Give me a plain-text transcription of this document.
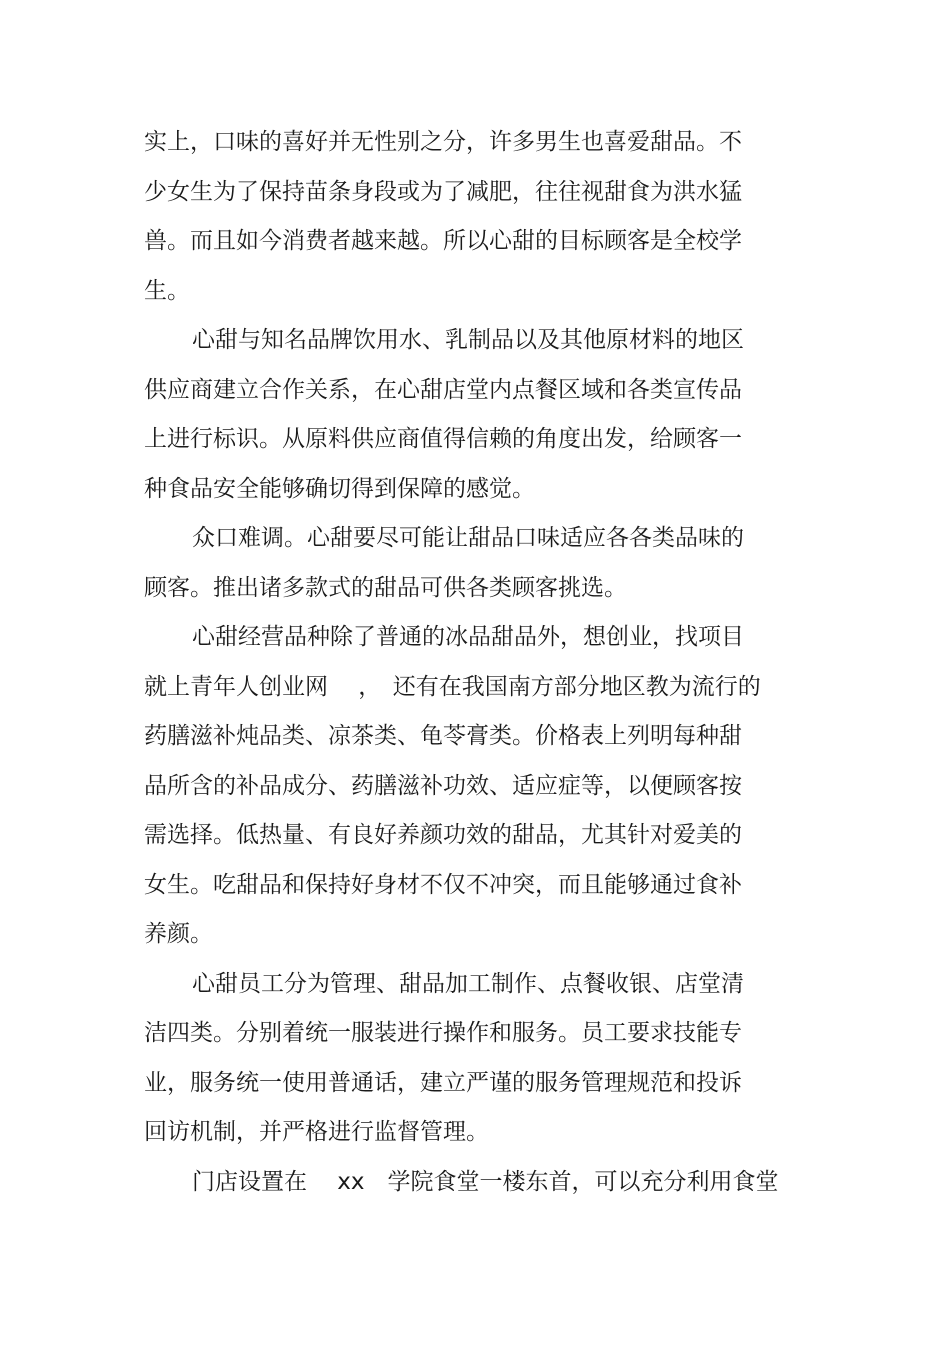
实上，口味的喜好并无性别之分，许多男生也喜爱甜品。不
少女生为了保持苗条身段或为了减肥，往往视甜食为洪水猛
兽。而且如今消费者越来越。所以心甜的目标顾客是全校学
生。
心甜与知名品牌饮用水、乳制品以及其他原材料的地区
供应商建立合作关系，在心甜店堂内点餐区域和各类宣传品
上进行标识。从原料供应商值得信赖的角度出发，给顾客一
种食品安全能够确切得到保障的感觉。
众口难调。心甜要尽可能让甜品口味适应各各类品味的
顾客。推出诸多款式的甜品可供各类顾客挑选。
心甜经营品种除了普通的冰品甜品外，想创业，找项目
就上青年人创业网　 ，　还有在我国南方部分地区教为流行的
药膳滋补炖品类、凉茶类、龟苓膏类。价格表上列明每种甜
品所含的补品成分、药膳滋补功效、适应症等，以便顾客按
需选择。低热量、有良好养颜功效的甜品，尤其针对爱美的
女生。吃甜品和保持好身材不仅不冲突，而且能够通过食补
养颜。
心甜员工分为管理、甜品加工制作、点餐收银、店堂清
洁四类。分别着统一服装进行操作和服务。员工要求技能专
业，服务统一使用普通话，建立严谨的服务管理规范和投诉
回访机制，并严格进行监督管理。
门店设置在　 xx　学院食堂一楼东首，可以充分利用食堂
